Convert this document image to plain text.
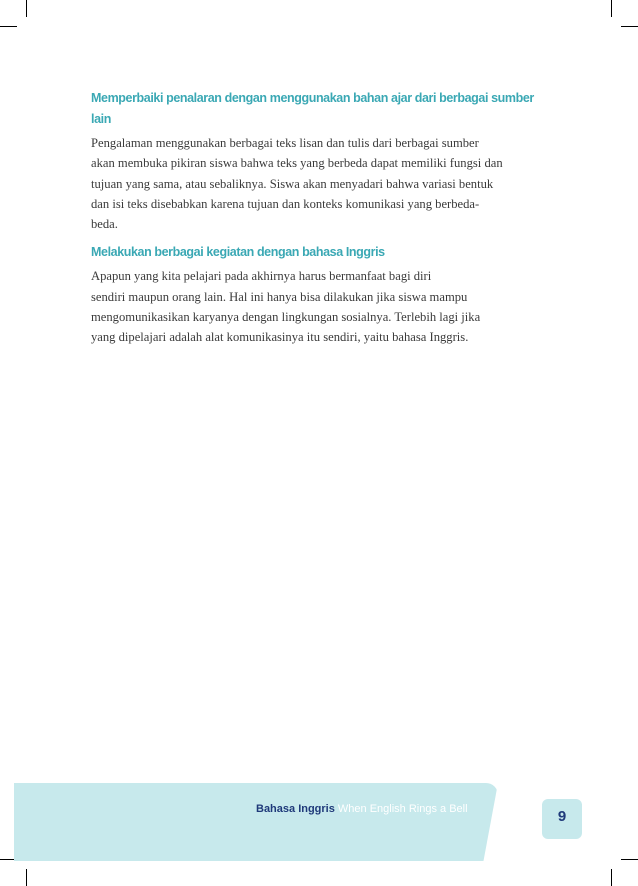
Memperbaiki penalaran dengan menggunakan bahan ajar dari berbagai sumber
lain

Pengalaman menggunakan berbagai teks lisan dan tulis dari berbagai sumber
akan membuka pikiran siswa bahwa teks yang berbeda dapat memiliki fungsi dan
tujuan yang sama, atau sebaliknya. Siswa akan menyadari bahwa variasi bentuk
dan isi teks disebabkan karena tujuan dan konteks komunikasi yang berbeda-
beda.

Melakukan berbagai kegiatan dengan bahasa Inggris

Apapun yang kita pelajari pada akhirnya harus bermanfaat bagi diri
sendiri maupun orang lain. Hal ini hanya bisa dilakukan jika siswa mampu
mengomunikasikan karyanya dengan lingkungan sosialnya. Terlebih lagi jika
yang dipelajari adalah alat komunikasinya itu sendiri, yaitu bahasa Inggris.

Bahasa Inggris When English Rings a Bell	9
